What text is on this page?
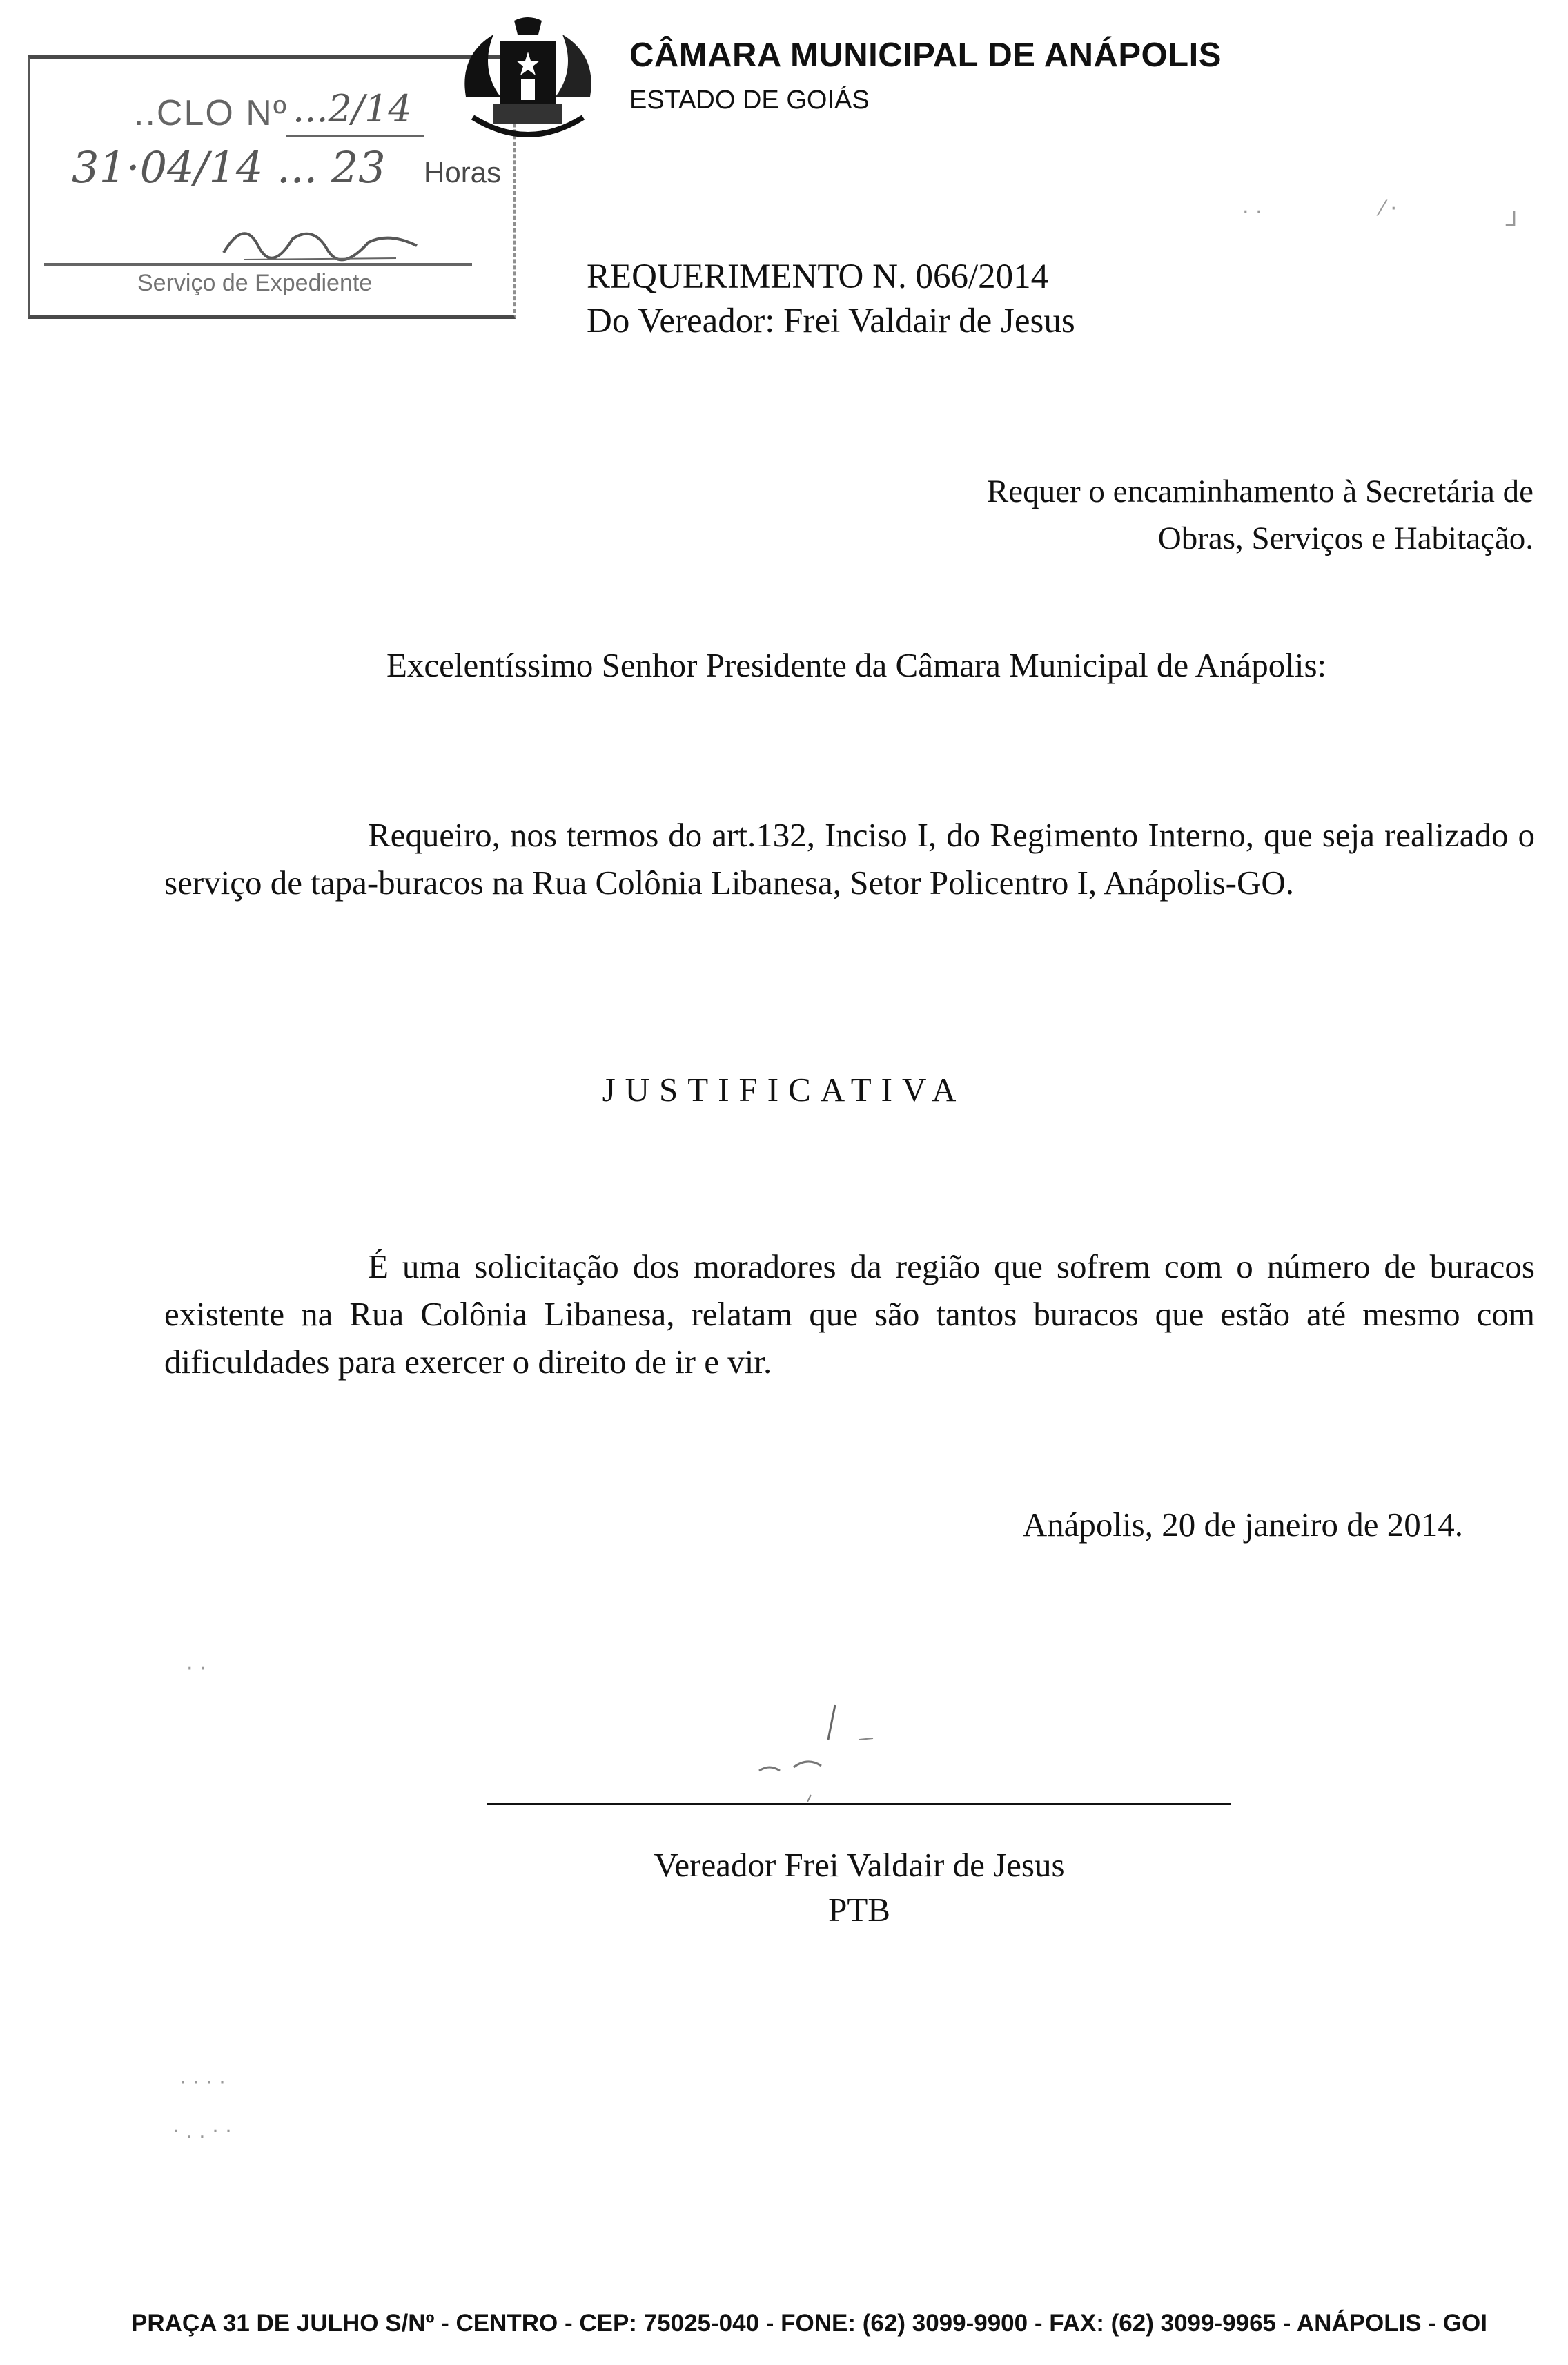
..CLO Nº ...2/14
31·04/14 ... 23 Horas
Serviço de Expediente
CÂMARA MUNICIPAL DE ANÁPOLIS
ESTADO DE GOIÁS
REQUERIMENTO N. 066/2014
Do Vereador: Frei Valdair de Jesus
Requer o encaminhamento à Secretária de
Obras, Serviços e Habitação.
Excelentíssimo Senhor Presidente da Câmara Municipal de Anápolis:
Requeiro, nos termos do art.132, Inciso I, do Regimento Interno, que seja realizado o serviço de tapa-buracos na Rua Colônia Libanesa, Setor Policentro I, Anápolis-GO.
JUSTIFICATIVA
É uma solicitação dos moradores da região que sofrem com o número de buracos existente na Rua Colônia Libanesa, relatam que são tantos buracos que estão até mesmo com dificuldades para exercer o direito de ir e vir.
Anápolis, 20 de janeiro de 2014.
Vereador Frei Valdair de Jesus
PTB
· ·	⁄ ·	ᒧ
· ·
· · · ·
· . . · ·
PRAÇA 31 DE JULHO S/Nº - CENTRO - CEP: 75025-040 - FONE: (62) 3099-9900 - FAX: (62) 3099-9965 - ANÁPOLIS - GOI
